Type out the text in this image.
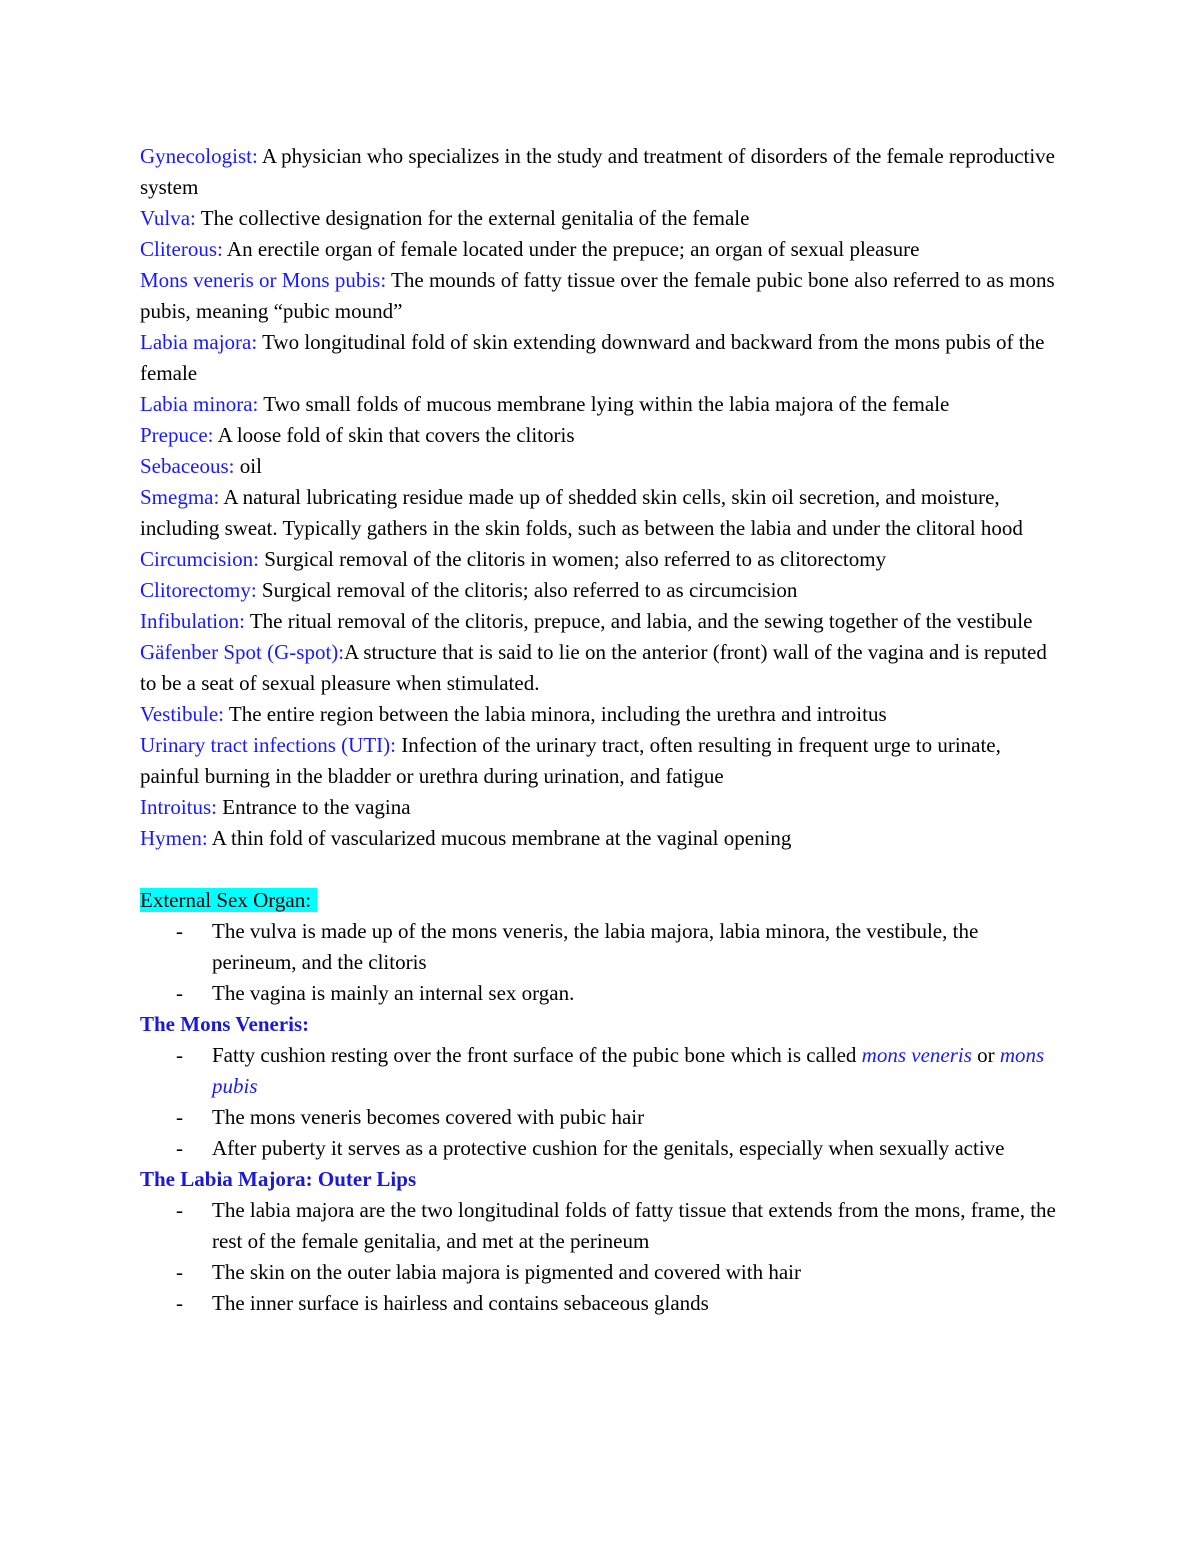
Gynecologist: A physician who specializes in the study and treatment of disorders of the female reproductive system

Vulva: The collective designation for the external genitalia of the female

Cliterous: An erectile organ of female located under the prepuce; an organ of sexual pleasure

Mons veneris or Mons pubis: The mounds of fatty tissue over the female pubic bone also referred to as mons pubis, meaning “pubic mound”

Labia majora: Two longitudinal fold of skin extending downward and backward from the mons pubis of the female

Labia minora: Two small folds of mucous membrane lying within the labia majora of the female

Prepuce: A loose fold of skin that covers the clitoris

Sebaceous: oil

Smegma: A natural lubricating residue made up of shedded skin cells, skin oil secretion, and moisture, including sweat. Typically gathers in the skin folds, such as between the labia and under the clitoral hood

Circumcision: Surgical removal of the clitoris in women; also referred to as clitorectomy

Clitorectomy: Surgical removal of the clitoris; also referred to as circumcision

Infibulation: The ritual removal of the clitoris, prepuce, and labia, and the sewing together of the vestibule

Gäfenber Spot (G-spot):A structure that is said to lie on the anterior (front) wall of the vagina and is reputed to be a seat of sexual pleasure when stimulated.

Vestibule: The entire region between the labia minora, including the urethra and introitus

Urinary tract infections (UTI): Infection of the urinary tract, often resulting in frequent urge to urinate, painful burning in the bladder or urethra during urination, and fatigue

Introitus: Entrance to the vagina

Hymen: A thin fold of vascularized mucous membrane at the vaginal opening

External Sex Organ:

- The vulva is made up of the mons veneris, the labia majora, labia minora, the vestibule, the perineum, and the clitoris
- The vagina is mainly an internal sex organ.

The Mons Veneris:

- Fatty cushion resting over the front surface of the pubic bone which is called mons veneris or mons pubis
- The mons veneris becomes covered with pubic hair
- After puberty it serves as a protective cushion for the genitals, especially when sexually active

The Labia Majora: Outer Lips

- The labia majora are the two longitudinal folds of fatty tissue that extends from the mons, frame, the rest of the female genitalia, and met at the perineum
- The skin on the outer labia majora is pigmented and covered with hair
- The inner surface is hairless and contains sebaceous glands
